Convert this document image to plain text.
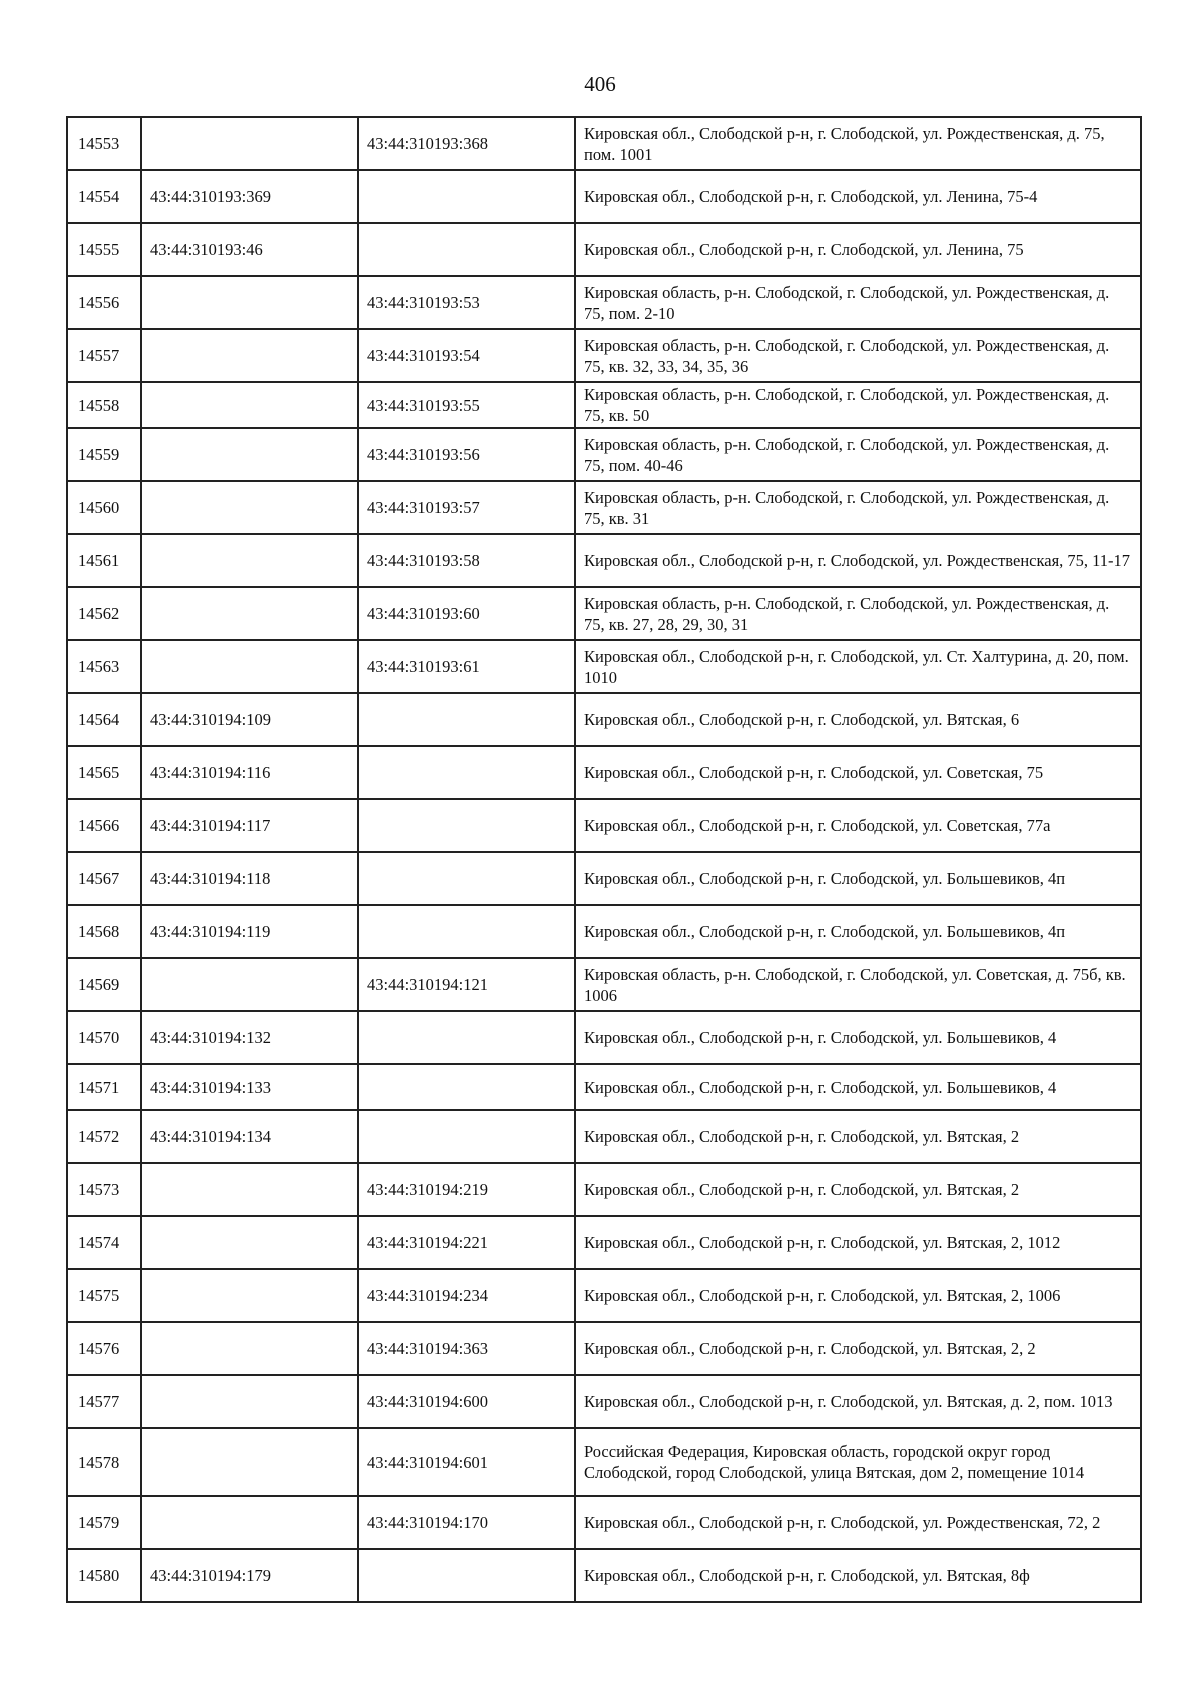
406
14553		43:44:310193:368	Кировская обл., Слободской р-н, г. Слободской, ул. Рождественская, д. 75, пом. 1001
14554	43:44:310193:369		Кировская обл., Слободской р-н, г. Слободской, ул. Ленина, 75-4
14555	43:44:310193:46		Кировская обл., Слободской р-н, г. Слободской, ул. Ленина, 75
14556		43:44:310193:53	Кировская область, р-н. Слободской, г. Слободской, ул. Рождественская, д. 75, пом. 2-10
14557		43:44:310193:54	Кировская область, р-н. Слободской, г. Слободской, ул. Рождественская, д. 75, кв. 32, 33, 34, 35, 36
14558		43:44:310193:55	Кировская область, р-н. Слободской, г. Слободской, ул. Рождественская, д. 75, кв. 50
14559		43:44:310193:56	Кировская область, р-н. Слободской, г. Слободской, ул. Рождественская, д. 75, пом. 40-46
14560		43:44:310193:57	Кировская область, р-н. Слободской, г. Слободской, ул. Рождественская, д. 75, кв. 31
14561		43:44:310193:58	Кировская обл., Слободской р-н, г. Слободской, ул. Рождественская, 75, 11-17
14562		43:44:310193:60	Кировская область, р-н. Слободской, г. Слободской, ул. Рождественская, д. 75, кв. 27, 28, 29, 30, 31
14563		43:44:310193:61	Кировская обл., Слободской р-н, г. Слободской, ул. Ст. Халтурина, д. 20, пом. 1010
14564	43:44:310194:109		Кировская обл., Слободской р-н, г. Слободской, ул. Вятская, 6
14565	43:44:310194:116		Кировская обл., Слободской р-н, г. Слободской, ул. Советская, 75
14566	43:44:310194:117		Кировская обл., Слободской р-н, г. Слободской, ул. Советская, 77а
14567	43:44:310194:118		Кировская обл., Слободской р-н, г. Слободской, ул. Большевиков, 4п
14568	43:44:310194:119		Кировская обл., Слободской р-н, г. Слободской, ул. Большевиков, 4п
14569		43:44:310194:121	Кировская область, р-н. Слободской, г. Слободской, ул. Советская, д. 75б, кв. 1006
14570	43:44:310194:132		Кировская обл., Слободской р-н, г. Слободской, ул. Большевиков, 4
14571	43:44:310194:133		Кировская обл., Слободской р-н, г. Слободской, ул. Большевиков, 4
14572	43:44:310194:134		Кировская обл., Слободской р-н, г. Слободской, ул. Вятская, 2
14573		43:44:310194:219	Кировская обл., Слободской р-н, г. Слободской, ул. Вятская, 2
14574		43:44:310194:221	Кировская обл., Слободской р-н, г. Слободской, ул. Вятская, 2, 1012
14575		43:44:310194:234	Кировская обл., Слободской р-н, г. Слободской, ул. Вятская, 2, 1006
14576		43:44:310194:363	Кировская обл., Слободской р-н, г. Слободской, ул. Вятская, 2, 2
14577		43:44:310194:600	Кировская обл., Слободской р-н, г. Слободской, ул. Вятская, д. 2, пом. 1013
14578		43:44:310194:601	Российская Федерация, Кировская область, городской округ город Слободской, город Слободской, улица Вятская, дом 2, помещение 1014
14579		43:44:310194:170	Кировская обл., Слободской р-н, г. Слободской, ул. Рождественская, 72, 2
14580	43:44:310194:179		Кировская обл., Слободской р-н, г. Слободской, ул. Вятская, 8ф
